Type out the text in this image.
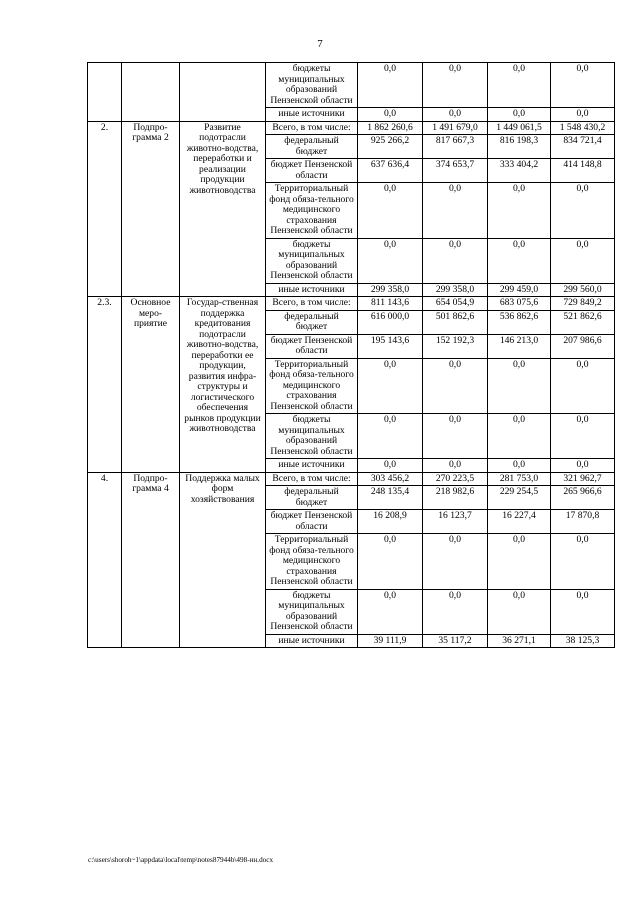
7
			бюджеты муниципальных образований Пензенской области	0,0	0,0	0,0	0,0
			иные источники	0,0	0,0	0,0	0,0
2.	Подпро-грамма 2	Развитие подотрасли животно-водства, переработки и реализации продукции животноводства	Всего, в том числе:	1 862 260,6	1 491 679,0	1 449 061,5	1 548 430,2
			федеральный бюджет	925 266,2	817 667,3	816 198,3	834 721,4
			бюджет Пензенской области	637 636,4	374 653,7	333 404,2	414 148,8
			Территориальный фонд обяза-тельного медицинского страхования Пензенской области	0,0	0,0	0,0	0,0
			бюджеты муниципальных образований Пензенской области	0,0	0,0	0,0	0,0
			иные источники	299 358,0	299 358,0	299 459,0	299 560,0
2.3.	Основное меро-приятие	Государ-ственная поддержка кредитования подотрасли животно-водства, переработки ее продукции, развития инфра-структуры и логистического обеспечения рынков продукции животноводства	Всего, в том числе:	811 143,6	654 054,9	683 075,6	729 849,2
			федеральный бюджет	616 000,0	501 862,6	536 862,6	521 862,6
			бюджет Пензенской области	195 143,6	152 192,3	146 213,0	207 986,6
			Территориальный фонд обяза-тельного медицинского страхования Пензенской области	0,0	0,0	0,0	0,0
			бюджеты муниципальных образований Пензенской области	0,0	0,0	0,0	0,0
			иные источники	0,0	0,0	0,0	0,0
4.	Подпро-грамма 4	Поддержка малых форм хозяйствования	Всего, в том числе:	303 456,2	270 223,5	281 753,0	321 962,7
			федеральный бюджет	248 135,4	218 982,6	229 254,5	265 966,6
			бюджет Пензенской области	16 208,9	16 123,7	16 227,4	17 870,8
			Территориальный фонд обяза-тельного медицинского страхования Пензенской области	0,0	0,0	0,0	0,0
			бюджеты муниципальных образований Пензенской области	0,0	0,0	0,0	0,0
			иные источники	39 111,9	35 117,2	36 271,1	38 125,3
c:\users\shoroh~1\appdata\local\temp\notes87944b\498-ин.docx
